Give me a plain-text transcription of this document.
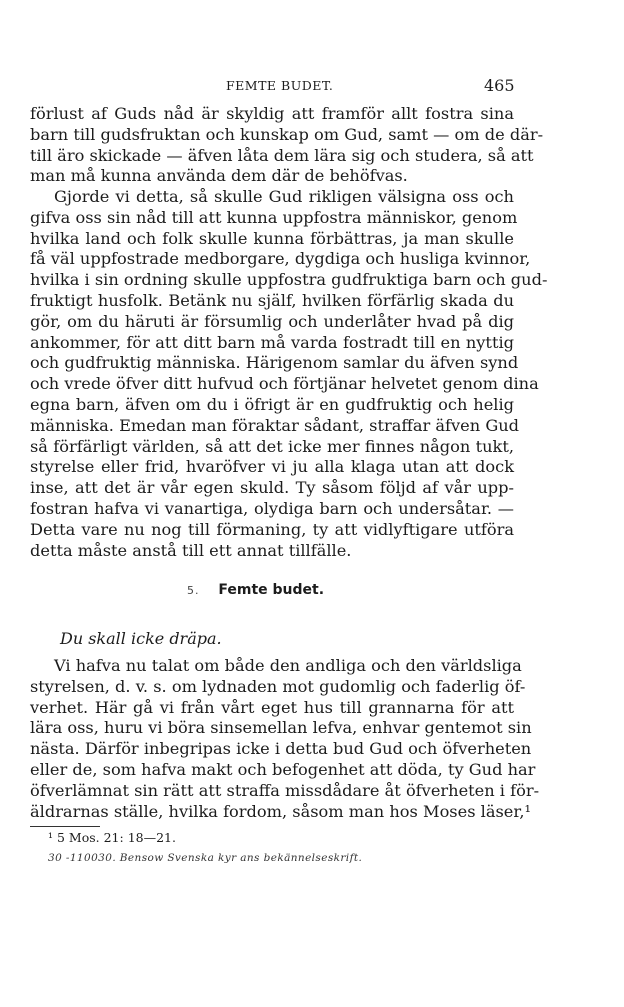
FEMTE BUDET.	465
förlust af Guds nåd är skyldig att framför allt fostra sina
barn till gudsfruktan och kunskap om Gud, samt — om de där-
till äro skickade — äfven låta dem lära sig och studera, så att
man må kunna använda dem där de behöfvas.
Gjorde vi detta, så skulle Gud rikligen välsigna oss och
gifva oss sin nåd till att kunna uppfostra människor, genom
hvilka land och folk skulle kunna förbättras, ja man skulle
få väl uppfostrade medborgare, dygdiga och husliga kvinnor,
hvilka i sin ordning skulle uppfostra gudfruktiga barn och gud-
fruktigt husfolk. Betänk nu själf, hvilken förfärlig skada du
gör, om du häruti är försumlig och underlåter hvad på dig
ankommer, för att ditt barn må varda fostradt till en nyttig
och gudfruktig människa. Härigenom samlar du äfven synd
och vrede öfver ditt hufvud och förtjänar helvetet genom dina
egna barn, äfven om du i öfrigt är en gudfruktig och helig
människa. Emedan man föraktar sådant, straffar äfven Gud
så förfärligt världen, så att det icke mer finnes någon tukt,
styrelse eller frid, hvaröfver vi ju alla klaga utan att dock
inse, att det är vår egen skuld. Ty såsom följd af vår upp-
fostran hafva vi vanartiga, olydiga barn och undersåtar. —
Detta vare nu nog till förmaning, ty att vidlyftigare utföra
detta måste anstå till ett annat tillfälle.
5. Femte budet.
Du skall icke dräpa.
Vi hafva nu talat om både den andliga och den världsliga
styrelsen, d. v. s. om lydnaden mot gudomlig och faderlig öf-
verhet. Här gå vi från vårt eget hus till grannarna för att
lära oss, huru vi böra sinsemellan lefva, enhvar gentemot sin
nästa. Därför inbegripas icke i detta bud Gud och öfverheten
eller de, som hafva makt och befogenhet att döda, ty Gud har
öfverlämnat sin rätt att straffa missdådare åt öfverheten i för-
äldrarnas ställe, hvilka fordom, såsom man hos Moses läser,¹
¹ 5 Mos. 21: 18—21.
30 -110030. Bensow Svenska kyr ans bekännelseskrift.
